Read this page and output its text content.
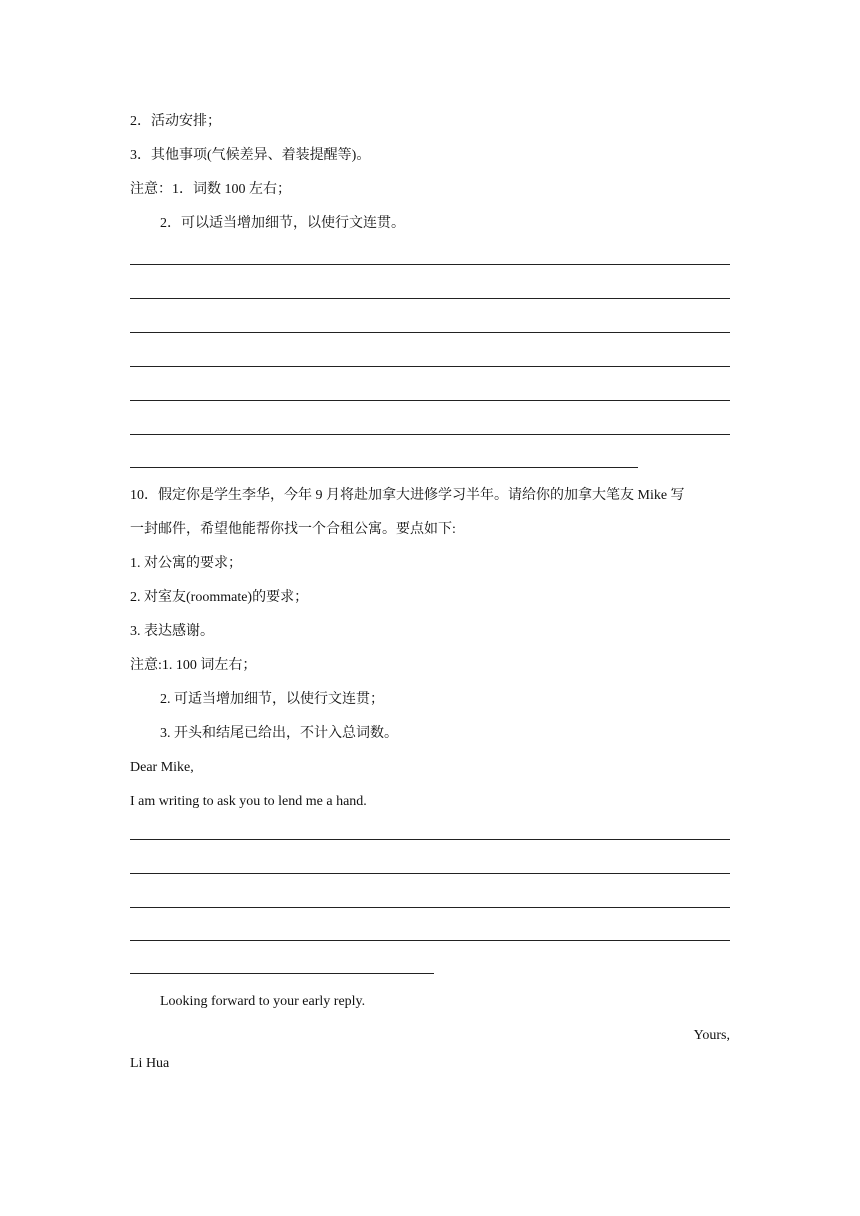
2．活动安排；
3．其他事项(气候差异、着装提醒等)。
注意：1．词数 100 左右；
2．可以适当增加细节，以使行文连贯。
10．假定你是学生李华，今年 9 月将赴加拿大进修学习半年。请给你的加拿大笔友 Mike 写
一封邮件，希望他能帮你找一个合租公寓。要点如下:
1. 对公寓的要求；
2. 对室友(roommate)的要求；
3. 表达感谢。
注意:1. 100 词左右；
2. 可适当增加细节，以使行文连贯；
3. 开头和结尾已给出，不计入总词数。
Dear Mike,
I am writing to ask you to lend me a hand.
Looking forward to your early reply.
Yours,
Li Hua
